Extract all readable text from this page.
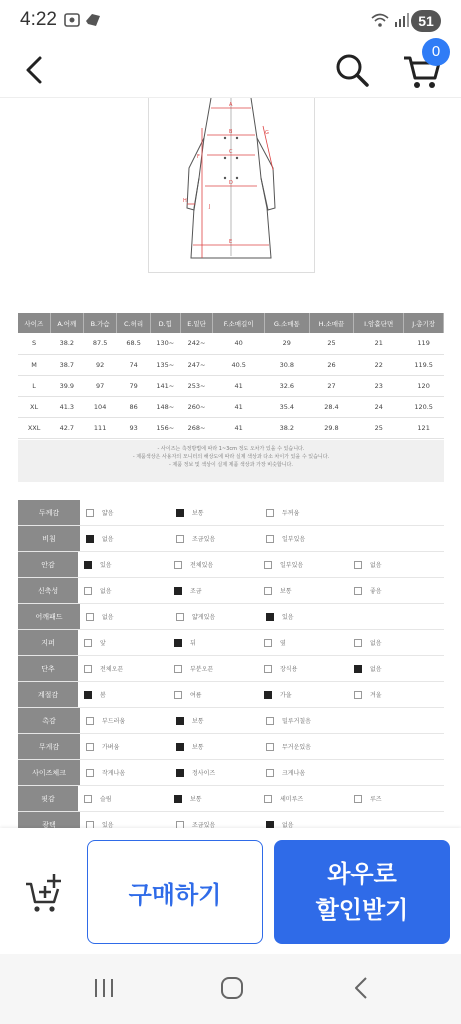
4:22	51
0
A
B
C
D
E
F
G
H
J
사이즈	A.어깨	B.가슴	C.허리	D.힙	E.밑단	F.소매길이	G.소매통	H.소매끝	I.암홀단면	J.총기장
S	38.2	87.5	68.5	130~	242~	40	29	25	21	119
M	38.7	92	74	135~	247~	40.5	30.8	26	22	119.5
L	39.9	97	79	141~	253~	41	32.6	27	23	120
XL	41.3	104	86	148~	260~	41	35.4	28.4	24	120.5
XXL	42.7	111	93	156~	268~	41	38.2	29.8	25	121

- 사이즈는 측정방법에 따라 1~3cm 정도 오차가 있을 수 있습니다.

- 제품색상은 사용자의 모니터의 해상도에 따라 실제 색상과 다소 차이가 있을 수 있습니다.

- 제품 정보 및 색상이 실제 제품 색상과 가장 비슷합니다.

두께감	얇음	보통	두꺼움
비침	없음	조금있음	일부있음
안감	있음	전체있음	일부있음	없음
신축성	없음	조금	보통	좋음
어깨패드	없음	얇게있음	있음
지퍼	앞	뒤	옆	없음
단추	전체오픈	부분오픈	장식용	없음
계절감	봄	여름	가을	겨울
촉감	부드러움	보통	밀루거칠음
무게감	가벼움	보통	무거운있음
사이즈체크	작게나옴	정사이즈	크게나옴
핏감	슬림	보통	세미루즈	루즈
광택	있음	조금있음	없음
구매하기
와우로
할인받기
